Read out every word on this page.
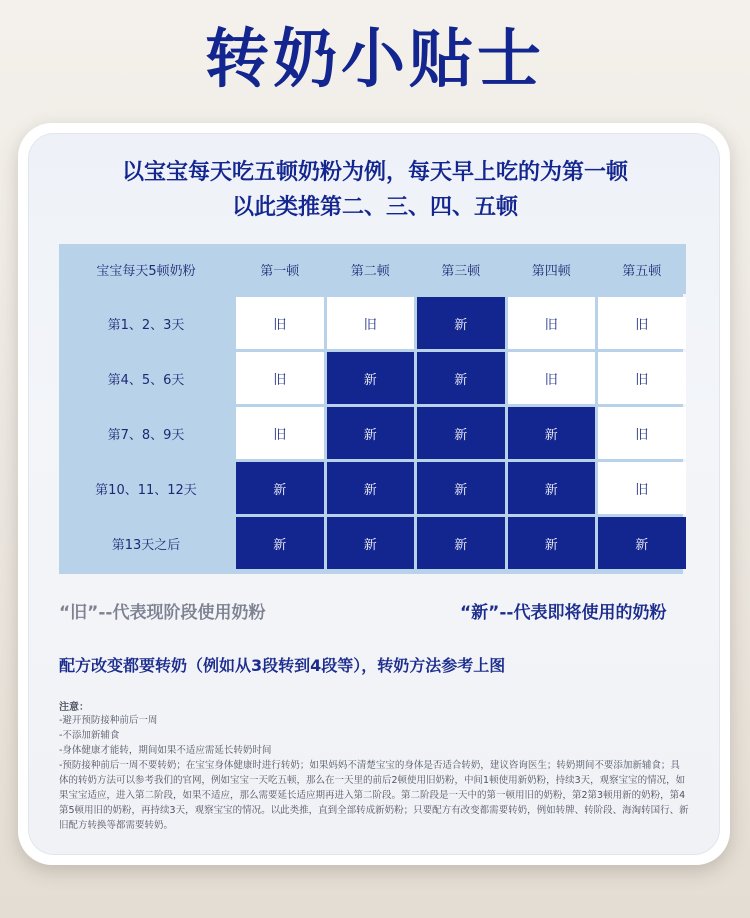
转奶小贴士
以宝宝每天吃五顿奶粉为例，每天早上吃的为第一顿
以此类推第二、三、四、五顿
宝宝每天5顿奶粉	第一顿	第二顿	第三顿	第四顿	第五顿
第1、2、3天	旧	旧	新	旧	旧
第4、5、6天	旧	新	新	旧	旧
第7、8、9天	旧	新	新	新	旧
第10、11、12天	新	新	新	新	旧
第13天之后	新	新	新	新	新
“旧”--代表现阶段使用奶粉	“新”--代表即将使用的奶粉
配方改变都要转奶（例如从3段转到4段等），转奶方法参考上图
注意：
-避开预防接种前后一周
-不添加新辅食
-身体健康才能转，期间如果不适应需延长转奶时间
-预防接种前后一周不要转奶；在宝宝身体健康时进行转奶；如果妈妈不清楚宝宝的身体是否适合转奶，建议咨询医生；转奶期间不要添加新辅食；具体的转奶方法可以参考我们的官网，例如宝宝一天吃五顿，那么在一天里的前后2顿使用旧奶粉，中间1顿使用新奶粉，持续3天，观察宝宝的情况，如果宝宝适应，进入第二阶段，如果不适应，那么需要延长适应期再进入第二阶段。第二阶段是一天中的第一顿用旧的奶粉，第2第3顿用新的奶粉，第4第5顿用旧的奶粉，再持续3天，观察宝宝的情况。以此类推，直到全部转成新奶粉；只要配方有改变都需要转奶，例如转牌、转阶段、海淘转国行、新旧配方转换等都需要转奶。
